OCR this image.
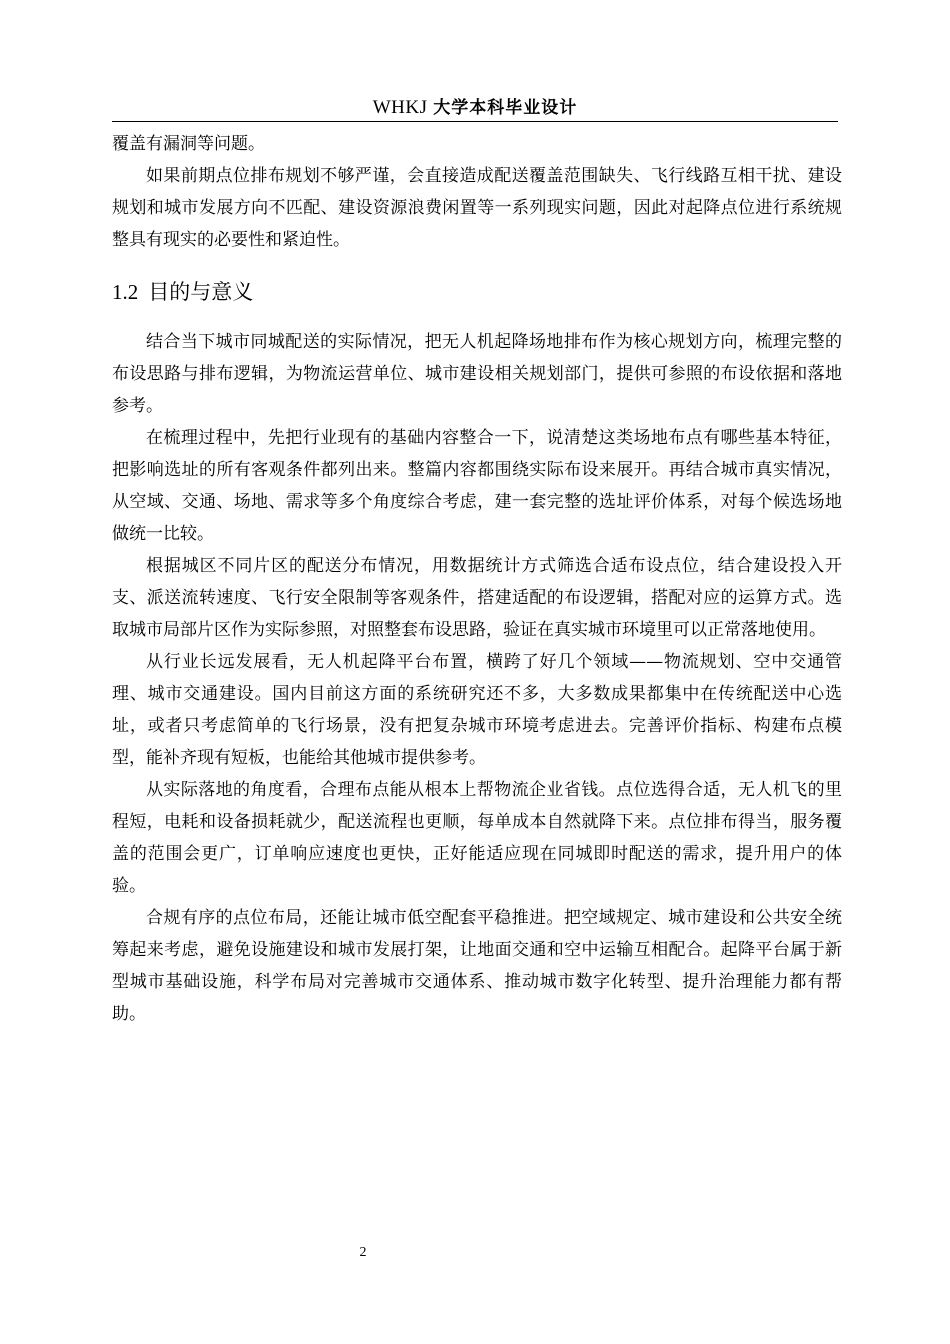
WHKJ 大学本科毕业设计

覆盖有漏洞等问题。

如果前期点位排布规划不够严谨，会直接造成配送覆盖范围缺失、飞行线路互相干扰、建设规划和城市发展方向不匹配、建设资源浪费闲置等一系列现实问题，因此对起降点位进行系统规整具有现实的必要性和紧迫性。

1.2 目的与意义

结合当下城市同城配送的实际情况，把无人机起降场地排布作为核心规划方向，梳理完整的布设思路与排布逻辑，为物流运营单位、城市建设相关规划部门，提供可参照的布设依据和落地参考。

在梳理过程中，先把行业现有的基础内容整合一下，说清楚这类场地布点有哪些基本特征，把影响选址的所有客观条件都列出来。整篇内容都围绕实际布设来展开。再结合城市真实情况，从空域、交通、场地、需求等多个角度综合考虑，建一套完整的选址评价体系，对每个候选场地做统一比较。

根据城区不同片区的配送分布情况，用数据统计方式筛选合适布设点位，结合建设投入开支、派送流转速度、飞行安全限制等客观条件，搭建适配的布设逻辑，搭配对应的运算方式。选取城市局部片区作为实际参照，对照整套布设思路，验证在真实城市环境里可以正常落地使用。

从行业长远发展看，无人机起降平台布置，横跨了好几个领域——物流规划、空中交通管理、城市交通建设。国内目前这方面的系统研究还不多，大多数成果都集中在传统配送中心选址，或者只考虑简单的飞行场景，没有把复杂城市环境考虑进去。完善评价指标、构建布点模型，能补齐现有短板，也能给其他城市提供参考。

从实际落地的角度看，合理布点能从根本上帮物流企业省钱。点位选得合适，无人机飞的里程短，电耗和设备损耗就少，配送流程也更顺，每单成本自然就降下来。点位排布得当，服务覆盖的范围会更广，订单响应速度也更快，正好能适应现在同城即时配送的需求，提升用户的体验。

合规有序的点位布局，还能让城市低空配套平稳推进。把空域规定、城市建设和公共安全统筹起来考虑，避免设施建设和城市发展打架，让地面交通和空中运输互相配合。起降平台属于新型城市基础设施，科学布局对完善城市交通体系、推动城市数字化转型、提升治理能力都有帮助。

2
